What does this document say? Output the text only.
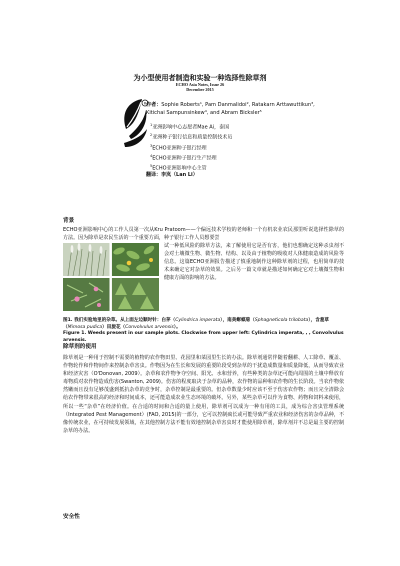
为小型使用者制造和实验一种选择性除草剂
ECHO Asia Notes, Issue 26
December 2015
R 作者：Sophie Roberts¹, Pam Danmalidoi², Ratakarn Arttawuttikun³,
Kitichai Sampunsinkew⁴, and Abram Bicksler⁵
$^1$亚洲影响中心志愿者Mae Ai，泰国
$^2$亚洲种子银行信息和质量控制技术员
$^3$ECHO亚洲种子银行经理
$^4$ECHO亚洲种子银行生产经理
$^5$ECHO亚洲影响中心主管
翻译：李岚（Lan Li）
背景
ECHO亚洲影响中心的工作人员第一次从Kru Pratoom——个偏远技术学校的老师和一个有机农业农民那里听说选择性除草的方法。因为除草是农民生活的一个重要方面，种子银行工作人员想要尝
试一种低风险的除草方法，来了解使用它是否有害，他们也想确定这种杀虫剂不会对土壤微生物、微生物、结构、以及由于植物的吸收对人体健康造成的风险等信息。这篇ECHO亚洲报告描述了慎重地制作这种除草剂的过程，也用简单的技术来确定它对杂草的效果。之后另一篇文章就是描述如何确定它对土壤微生物和健康方面的影响的方法。
图1. 我们实验地里的杂草。从上面左边顺时针：白茅（Cylindrica imperata），南美蟛蜞菊（Sphagneticola trilobata），含羞草（Mimosa pudica）田旋花（Convolvulus arvensis）。
Figure 1. Weeds present in our sample plots. Clockwise from upper left: Cylindrica imperata, , , Convolvulus arvensis.
除草剂的使用
除草剂是一种用于控制不需要的植物的农作物田里、花园里和菜园里生长的办法。除草剂通常伴随着翻耕、人工除草、覆盖、作物轮作和作物间作来控制杂草害虫。作物因为在生长和发展的重要阶段受到杂草的干扰造成数量和质量降低，从而导致农业和经济灾害（O'Donovan, 2009）。杂草和农作物争夺空间、阳光、水和营养，有些种类的杂草还可能向周围的土壤中释放有毒物质对农作物造成伤害(Swanton, 2009)。伤害的程度取决于杂草的品种，农作物的品种和农作物的生长阶段。当农作物依然嫩而且没有足够茂盛到抵抗杂草的竞争时，杂草控制是最重要的。但杂草数量少时应该不至于伤害农作物；而且完全清除会给农作物带来很高的经济和时间成本，还可能造成农业生态环境的破坏。另外，某些杂草可以作为食物、药物和饲料来使用，所以一些“杂草”在经济价值。在合适的时间和合适的量上使用，除草剂可以成为一种有用的工具，成为综合害虫管理系统（Integrated Pest Management）(FAO, 2015)的一部分，它可以控制疯长或可能导致严重农业和经济伤害的杂草品种，不像传统农业，在可持续发展领域，在其他控制方法不能有效地控制杂草害虫时才能使用除草剂，除草剂并不总是最主要的控制杂草的办法。
安全性
